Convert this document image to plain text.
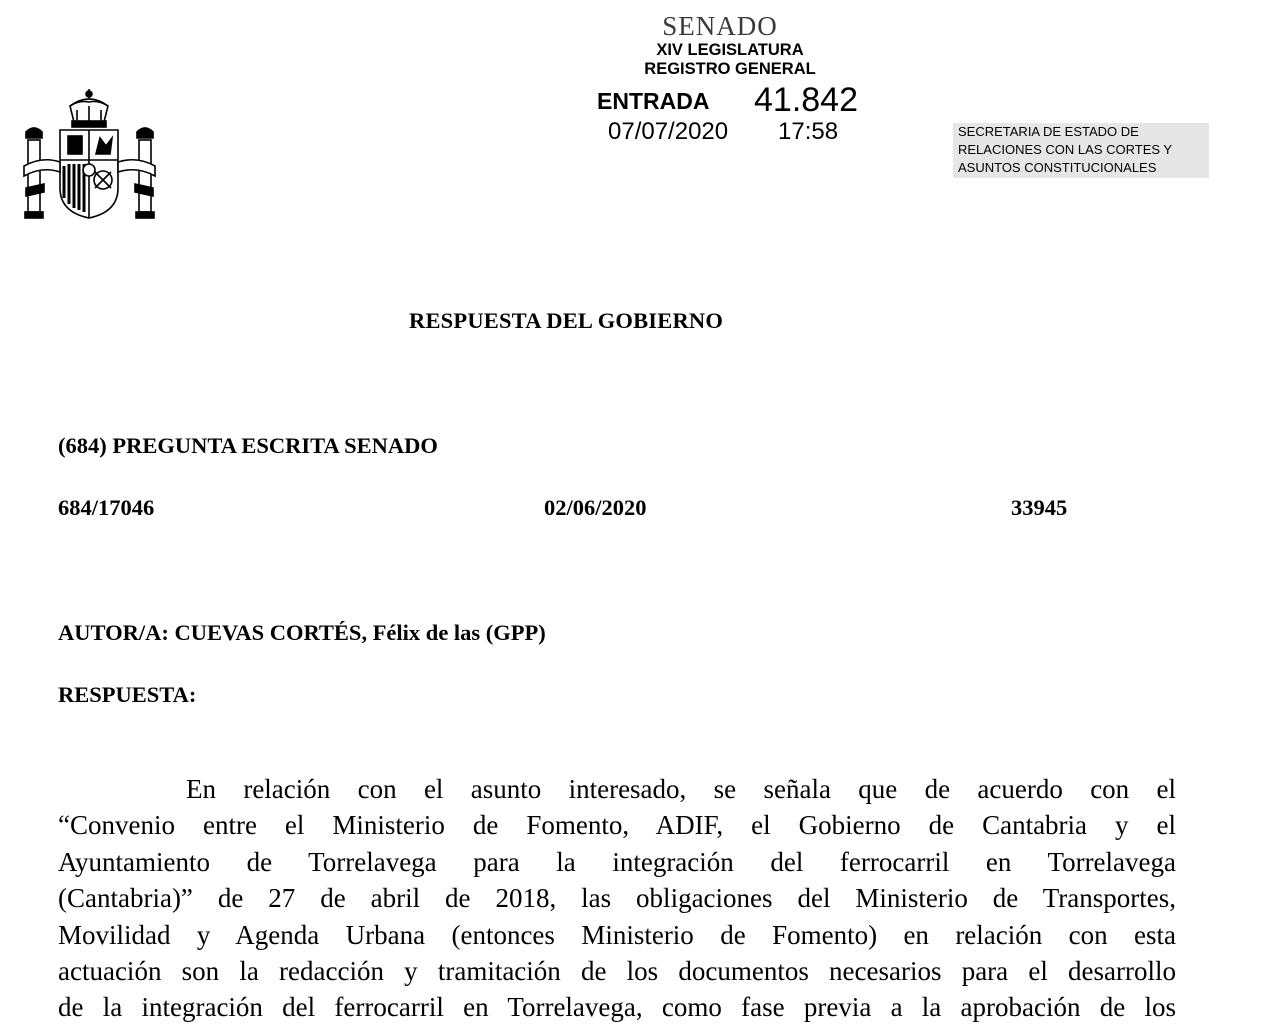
SENADO
XIV LEGISLATURA
REGISTRO GENERAL
ENTRADA 41.842
07/07/2020 17:58	SECRETARIA DE ESTADO DE
RELACIONES CON LAS CORTES Y
ASUNTOS CONSTITUCIONALES
RESPUESTA DEL GOBIERNO
(684) PREGUNTA ESCRITA SENADO
684/17046	02/06/2020	33945
AUTOR/A: CUEVAS CORTÉS, Félix de las (GPP)
RESPUESTA:
En relación con el asunto interesado, se señala que de acuerdo con el
“Convenio entre el Ministerio de Fomento, ADIF, el Gobierno de Cantabria y el
Ayuntamiento de Torrelavega para la integración del ferrocarril en Torrelavega
(Cantabria)” de 27 de abril de 2018, las obligaciones del Ministerio de Transportes,
Movilidad y Agenda Urbana (entonces Ministerio de Fomento) en relación con esta
actuación son la redacción y tramitación de los documentos necesarios para el desarrollo
de la integración del ferrocarril en Torrelavega, como fase previa a la aprobación de los
